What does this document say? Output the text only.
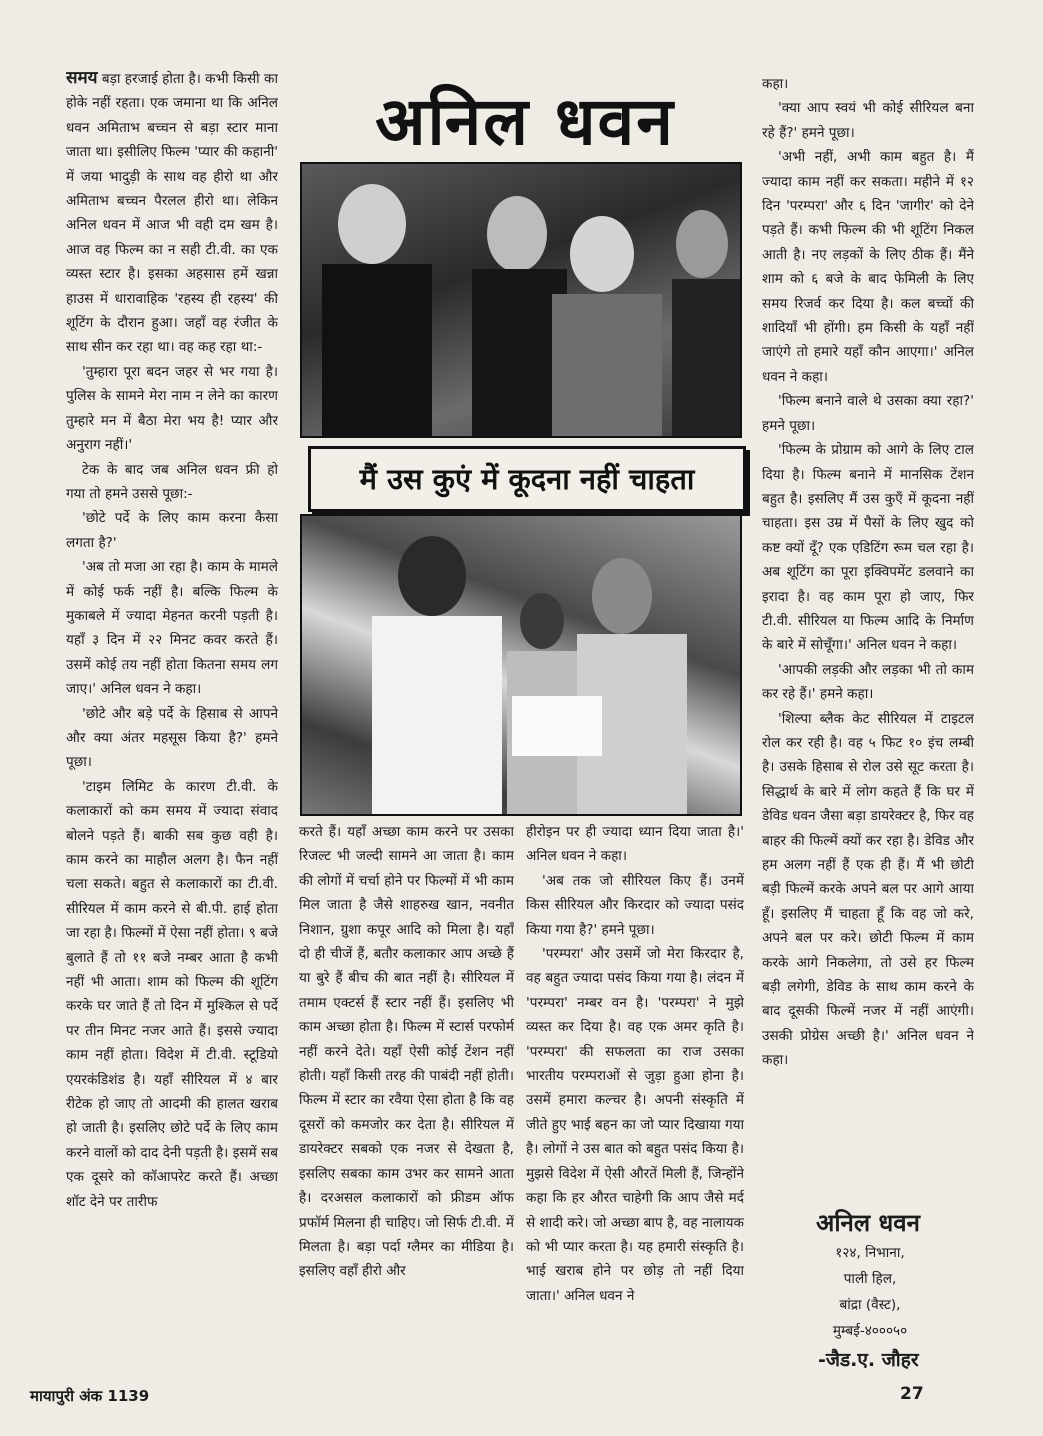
अनिल धवन
मैं उस कुएं में कूदना नहीं चाहता

समय बड़ा हरजाई होता है। कभी किसी का होके नहीं रहता। एक जमाना था कि अनिल धवन अमिताभ बच्चन से बड़ा स्टार माना जाता था। इसीलिए फिल्म 'प्यार की कहानी' में जया भादुड़ी के साथ वह हीरो था और अमिताभ बच्चन पैरलल हीरो था। लेकिन अनिल धवन में आज भी वही दम खम है। आज वह फिल्म का न सही टी.वी. का एक व्यस्त स्टार है। इसका अहसास हमें खन्ना हाउस में धारावाहिक 'रहस्य ही रहस्य' की शूटिंग के दौरान हुआ। जहाँ वह रंजीत के साथ सीन कर रहा था। वह कह रहा था:-

'तुम्हारा पूरा बदन जहर से भर गया है। पुलिस के सामने मेरा नाम न लेने का कारण तुम्हारे मन में बैठा मेरा भय है! प्यार और अनुराग नहीं।'

टेक के बाद जब अनिल धवन फ्री हो गया तो हमने उससे पूछा:-

'छोटे पर्दे के लिए काम करना कैसा लगता है?'

'अब तो मजा आ रहा है। काम के मामले में कोई फर्क नहीं है। बल्कि फिल्म के मुकाबले में ज्यादा मेहनत करनी पड़ती है। यहाँ ३ दिन में २२ मिनट कवर करते हैं। उसमें कोई तय नहीं होता कितना समय लग जाए।' अनिल धवन ने कहा।

'छोटे और बड़े पर्दे के हिसाब से आपने और क्या अंतर महसूस किया है?' हमने पूछा।

'टाइम लिमिट के कारण टी.वी. के कलाकारों को कम समय में ज्यादा संवाद बोलने पड़ते हैं। बाकी सब कुछ वही है। काम करने का माहौल अलग है। फैन नहीं चला सकते। बहुत से कलाकारों का टी.वी. सीरियल में काम करने से बी.पी. हाई होता जा रहा है। फिल्मों में ऐसा नहीं होता। ९ बजे बुलाते हैं तो ११ बजे नम्बर आता है कभी नहीं भी आता। शाम को फिल्म की शूटिंग करके घर जाते हैं तो दिन में मुश्किल से पर्दे पर तीन मिनट नजर आते हैं। इससे ज्यादा काम नहीं होता। विदेश में टी.वी. स्टूडियो एयरकंडिशंड है। यहाँ सीरियल में ४ बार रीटेक हो जाए तो आदमी की हालत खराब हो जाती है। इसलिए छोटे पर्दे के लिए काम करने वालों को दाद देनी पड़ती है। इसमें सब एक दूसरे को कॉआपरेट करते हैं। अच्छा शॉट देने पर तारीफ

करते हैं। यहाँ अच्छा काम करने पर उसका रिजल्ट भी जल्दी सामने आ जाता है। काम की लोगों में चर्चा होने पर फिल्मों में भी काम मिल जाता है जैसे शाहरुख खान, नवनीत निशान, ग्रुशा कपूर आदि को मिला है। यहाँ दो ही चीजें हैं, बतौर कलाकार आप अच्छे हैं या बुरे हैं बीच की बात नहीं है। सीरियल में तमाम एक्टर्स हैं स्टार नहीं हैं। इसलिए भी काम अच्छा होता है। फिल्म में स्टार्स परफोर्म नहीं करने देते। यहाँ ऐसी कोई टेंशन नहीं होती। यहाँ किसी तरह की पाबंदी नहीं होती। फिल्म में स्टार का रवैया ऐसा होता है कि वह दूसरों को कमजोर कर देता है। सीरियल में डायरेक्टर सबको एक नजर से देखता है, इसलिए सबका काम उभर कर सामने आता है। दरअसल कलाकारों को फ्रीडम ऑफ प्रफॉर्म मिलना ही चाहिए। जो सिर्फ टी.वी. में मिलता है। बड़ा पर्दा ग्लैमर का मीडिया है। इसलिए वहाँ हीरो और

हीरोइन पर ही ज्यादा ध्यान दिया जाता है।' अनिल धवन ने कहा।

'अब तक जो सीरियल किए हैं। उनमें किस सीरियल और किरदार को ज्यादा पसंद किया गया है?' हमने पूछा।

'परम्परा' और उसमें जो मेरा किरदार है, वह बहुत ज्यादा पसंद किया गया है। लंदन में 'परम्परा' नम्बर वन है। 'परम्परा' ने मुझे व्यस्त कर दिया है। वह एक अमर कृति है। 'परम्परा' की सफलता का राज उसका भारतीय परम्पराओं से जुड़ा हुआ होना है। उसमें हमारा कल्चर है। अपनी संस्कृति में जीते हुए भाई बहन का जो प्यार दिखाया गया है। लोगों ने उस बात को बहुत पसंद किया है। मुझसे विदेश में ऐसी औरतें मिली हैं, जिन्होंने कहा कि हर औरत चाहेगी कि आप जैसे मर्द से शादी करे। जो अच्छा बाप है, वह नालायक को भी प्यार करता है। यह हमारी संस्कृति है। भाई खराब होने पर छोड़ तो नहीं दिया जाता।' अनिल धवन ने

कहा।

'क्या आप स्वयं भी कोई सीरियल बना रहे हैं?' हमने पूछा।

'अभी नहीं, अभी काम बहुत है। मैं ज्यादा काम नहीं कर सकता। महीने में १२ दिन 'परम्परा' और ६ दिन 'जागीर' को देने पड़ते हैं। कभी फिल्म की भी शूटिंग निकल आती है। नए लड़कों के लिए ठीक हैं। मैंने शाम को ६ बजे के बाद फेमिली के लिए समय रिजर्व कर दिया है। कल बच्चों की शादियाँ भी होंगी। हम किसी के यहाँ नहीं जाएंगे तो हमारे यहाँ कौन आएगा।' अनिल धवन ने कहा।

'फिल्म बनाने वाले थे उसका क्या रहा?' हमने पूछा।

'फिल्म के प्रोग्राम को आगे के लिए टाल दिया है। फिल्म बनाने में मानसिक टेंशन बहुत है। इसलिए मैं उस कुएँ में कूदना नहीं चाहता। इस उम्र में पैसों के लिए खुद को कष्ट क्यों दूँ? एक एडिटिंग रूम चल रहा है। अब शूटिंग का पूरा इक्विपमेंट डलवाने का इरादा है। वह काम पूरा हो जाए, फिर टी.वी. सीरियल या फिल्म आदि के निर्माण के बारे में सोचूँगा।' अनिल धवन ने कहा।

'आपकी लड़की और लड़का भी तो काम कर रहे हैं।' हमने कहा।

'शिल्पा ब्लैक केट सीरियल में टाइटल रोल कर रही है। वह ५ फिट १० इंच लम्बी है। उसके हिसाब से रोल उसे सूट करता है। सिद्धार्थ के बारे में लोग कहते हैं कि घर में डेविड धवन जैसा बड़ा डायरेक्टर है, फिर वह बाहर की फिल्में क्यों कर रहा है। डेविड और हम अलग नहीं हैं एक ही हैं। मैं भी छोटी बड़ी फिल्में करके अपने बल पर आगे आया हूँ। इसलिए मैं चाहता हूँ कि वह जो करे, अपने बल पर करे। छोटी फिल्म में काम करके आगे निकलेगा, तो उसे हर फिल्म बड़ी लगेगी, डेविड के साथ काम करने के बाद दूसकी फिल्में नजर में नहीं आएंगी। उसकी प्रोग्रेस अच्छी है।' अनिल धवन ने कहा।

अनिल धवन
१२४, निभाना,
पाली हिल,
बांद्रा (वैस्ट),
मुम्बई-४०००५०
-जैड.ए. जौहर
मायापुरी अंक 1139	27
